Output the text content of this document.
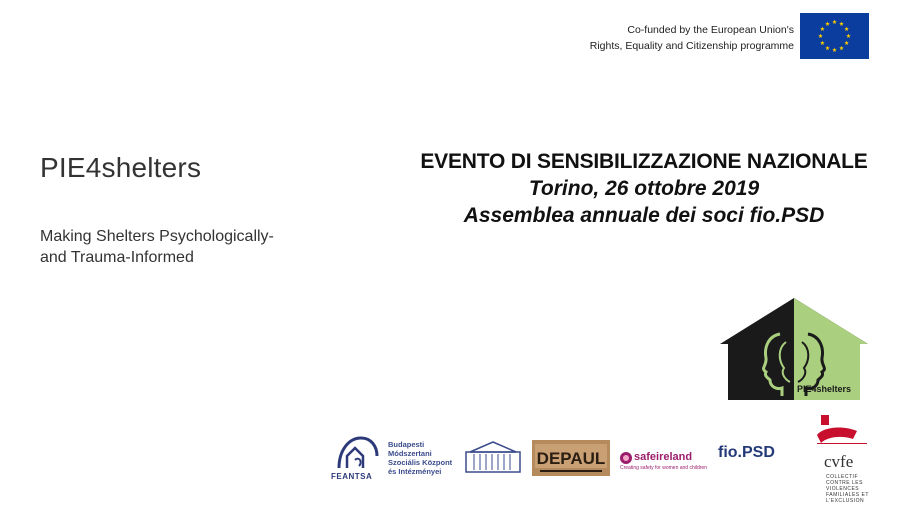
Co-funded by the European Union's
Rights, Equality and Citizenship programme
PIE4shelters
Making Shelters Psychologically-
and Trauma-Informed
EVENTO DI SENSIBILIZZAZIONE NAZIONALE
Torino, 26 ottobre 2019
Assemblea annuale dei soci fio.PSD
PIE4shelters
FEANTSA
Budapesti Módszertani
Szociális Központ
és Intézményei
DEPAUL	safeireland
Creating safety for women and children
fio.PSD	cvfe
COLLECTIF CONTRE LES VIOLENCES FAMILIALES ET L'EXCLUSION
